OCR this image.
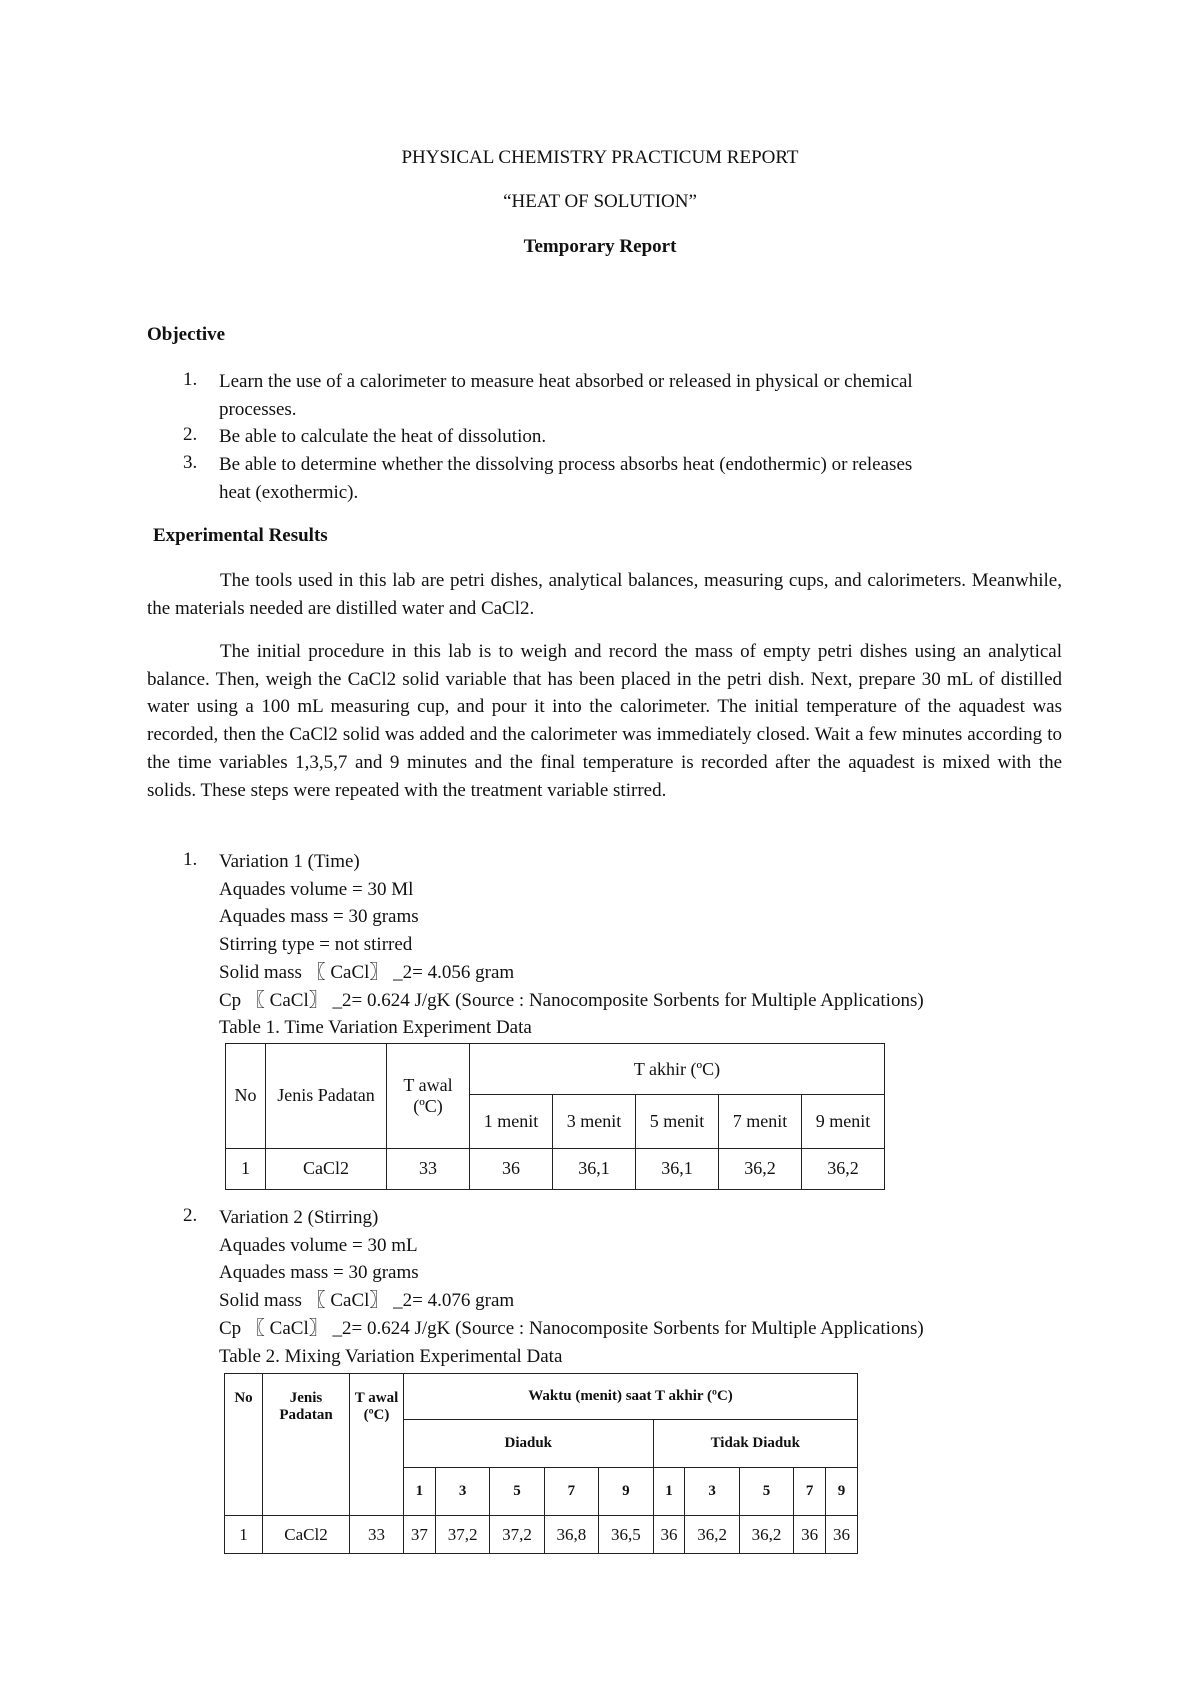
PHYSICAL CHEMISTRY PRACTICUM REPORT
“HEAT OF SOLUTION”
Temporary Report
Objective
1. Learn the use of a calorimeter to measure heat absorbed or released in physical or chemical
processes.
2. Be able to calculate the heat of dissolution.
3. Be able to determine whether the dissolving process absorbs heat (endothermic) or releases
heat (exothermic).
Experimental Results
The tools used in this lab are petri dishes, analytical balances, measuring cups, and calorimeters. Meanwhile, the materials needed are distilled water and CaCl2.
The initial procedure in this lab is to weigh and record the mass of empty petri dishes using an analytical balance. Then, weigh the CaCl2 solid variable that has been placed in the petri dish. Next, prepare 30 mL of distilled water using a 100 mL measuring cup, and pour it into the calorimeter. The initial temperature of the aquadest was recorded, then the CaCl2 solid was added and the calorimeter was immediately closed. Wait a few minutes according to the time variables 1,3,5,7 and 9 minutes and the final temperature is recorded after the aquadest is mixed with the solids. These steps were repeated with the treatment variable stirred.
1. Variation 1 (Time)
Aquades volume = 30 Ml
Aquades mass = 30 grams
Stirring type = not stirred
Solid mass 〖 CaCl〗 _2= 4.056 gram
Cp 〖 CaCl〗 _2= 0.624 J/gK (Source : Nanocomposite Sorbents for Multiple Applications)
Table 1. Time Variation Experiment Data
No	Jenis Padatan	T awal (ºC)	T akhir (ºC)				
			1 menit	3 menit	5 menit	7 menit	9 menit
1	CaCl2	33	36	36,1	36,1	36,2	36,2
2. Variation 2 (Stirring)
Aquades volume = 30 mL
Aquades mass = 30 grams
Solid mass 〖 CaCl〗 _2= 4.076 gram
Cp 〖 CaCl〗 _2= 0.624 J/gK (Source : Nanocomposite Sorbents for Multiple Applications)
Table 2. Mixing Variation Experimental Data
No	Jenis Padatan	T awal (ºC)	Waktu (menit) saat T akhir (ºC)									
			Diaduk					Tidak Diaduk				
			1	3	5	7	9	1	3	5	7	9
1	CaCl2	33	37	37,2	37,2	36,8	36,5	36	36,2	36,2	36	36
